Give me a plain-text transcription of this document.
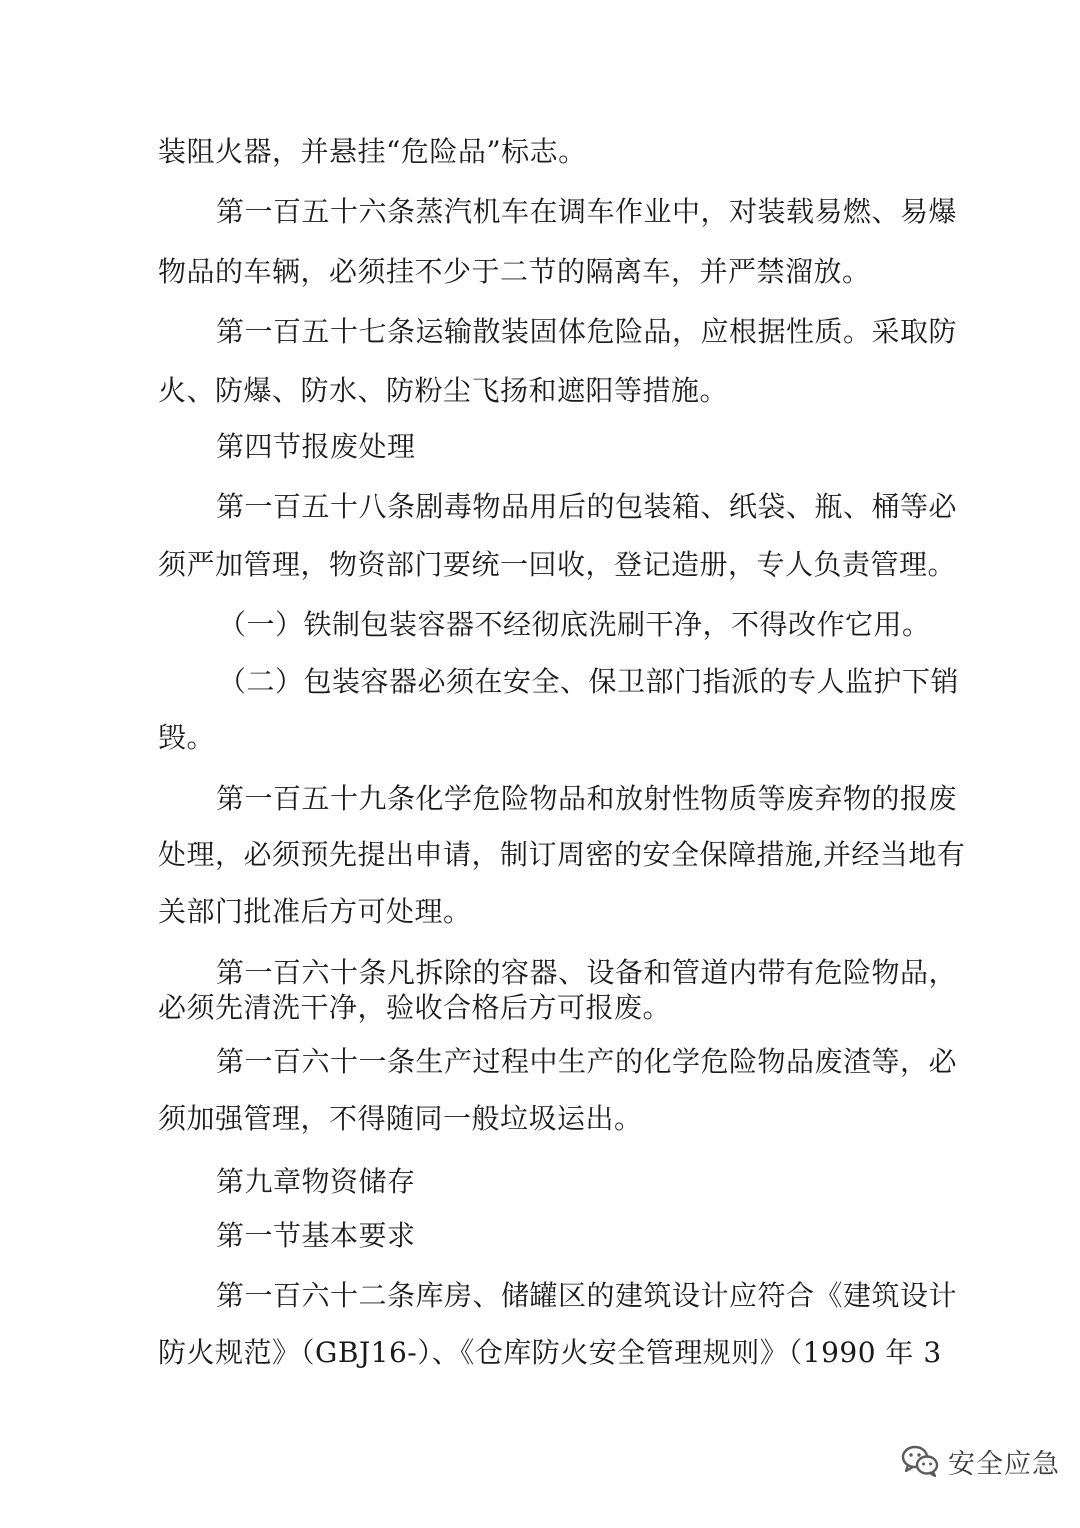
装阻火器，并悬挂“危险品”标志。
第一百五十六条蒸汽机车在调车作业中，对装载易燃、易爆
物品的车辆，必须挂不少于二节的隔离车，并严禁溜放。
第一百五十七条运输散装固体危险品，应根据性质。采取防
火、防爆、防水、防粉尘飞扬和遮阳等措施。
第四节报废处理
第一百五十八条剧毒物品用后的包装箱、纸袋、瓶、桶等必
须严加管理，物资部门要统一回收，登记造册，专人负责管理。
（一）铁制包装容器不经彻底洗刷干净，不得改作它用。
（二）包装容器必须在安全、保卫部门指派的专人监护下销
毁。
第一百五十九条化学危险物品和放射性物质等废弃物的报废
处理，必须预先提出申请，制订周密的安全保障措施,并经当地有
关部门批准后方可处理。
第一百六十条凡拆除的容器、设备和管道内带有危险物品，
必须先清洗干净，验收合格后方可报废。
第一百六十一条生产过程中生产的化学危险物品废渣等，必
须加强管理，不得随同一般垃圾运出。
第九章物资储存
第一节基本要求
第一百六十二条库房、储罐区的建筑设计应符合《建筑设计
防火规范》（GBJ16-）、《仓库防火安全管理规则》（1990 年 3
安全应急
